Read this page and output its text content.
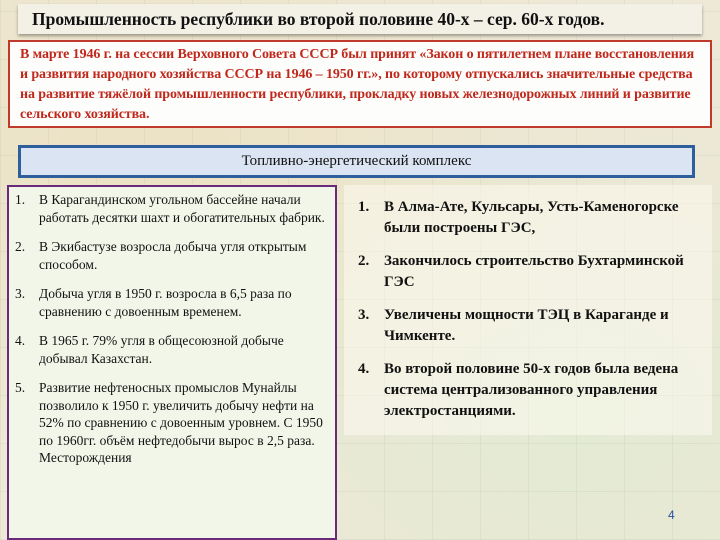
Промышленность республики во второй половине 40-х – сер. 60-х годов.
В марте 1946 г. на сессии Верховного Совета СССР был принят «Закон о пятилетнем плане восстановления и развития народного хозяйства СССР на 1946 – 1950 гг.», по которому отпускались значительные средства на развитие тяжёлой промышленности республики, прокладку новых железнодорожных линий и развитие сельского хозяйства.
Топливно-энергетический комплекс
1.	В Карагандинском угольном бассейне начали работать десятки шахт и обогатительных фабрик.
2.	В Экибастузе возросла добыча угля открытым способом.
3.	Добыча угля в 1950 г. возросла в 6,5 раза по сравнению с довоенным временем.
4.	В 1965 г. 79% угля в общесоюзной добыче добывал Казахстан.
5.	Развитие нефтеносных промыслов Мунайлы позволило к 1950 г. увеличить добычу нефти на 52% по сравнению с довоенным уровнем. С 1950 по 1960гг. объём нефтедобычи вырос в 2,5 раза. Месторождения
1. В Алма-Ате, Кульсары, Усть-Каменогорске были построены ГЭС,
2. Закончилось строительство Бухтарминской ГЭС
3. Увеличены мощности ТЭЦ в Караганде и Чимкенте.
4. Во второй половине 50-х годов была ведена система централизованного управления электростанциями.
4
